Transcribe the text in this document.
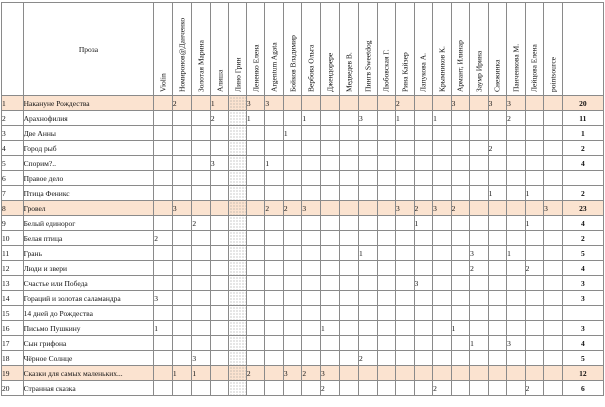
	Проза	Violin	Номиронов@Данченко	Золотая Марина	Алиша	Лино Грин	Лененко Елена	Argentum Agata	Бойков Владимир	Вербова Ольга	Джендорере	Медведев В.	Пингв Sweetdog	Любовская Г.	Рина Кайзер	Лапукова А.	Крымников К.	Армант, Илинар	Заумр Ирина	Снежинка	Панченкова М.	Лейцова Елена	pointsource	

1	Накануне Рождества		2		1		3	3							2			3		3	3			20
2	Арахнофилия				2		1			1			3		1		1				2			11
3	Две Анны								1															1
4	Город рыб																			2				2
5	Спорим?..				3			1																4
6	Правое дело																							
7	Птица Феникс																			1		1		2
8	Гровел		3					2	2	3					3	2	3	2					3	23
9	Белый единорог			2												1						1		4
10	Белая птица	2																						2
11	Грань												1						3		1			5
12	Люди и звери																		2			2		4
13	Счастье или Победа															3								3
14	Гораций и золотая саламандра	3																						3
15	14 дней до Рождества																							
16	Письмо Пушкину	1									1							1						3
17	Сын грифона																		1		3			4
18	Чёрное Солнце			3									2											5
19	Сказки для самых маленьких...		1	1			2		3	2	3													12
20	Странная сказка										2						2					2		6
